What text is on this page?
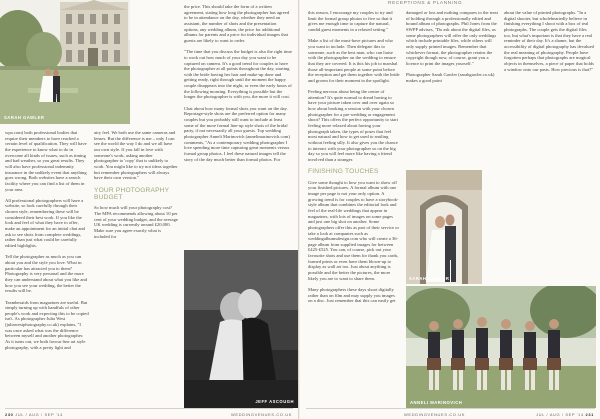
SARAH GAWLER

wpa.com) both professional bodies that require their members to have reached a certain level of qualification. They will have the experience to know what to do in overcome all kinds of issues, such as timing and bad weather, so you great results. They will also have professional indemnity insurance in the unlikely event that anything goes wrong. Both websites have a search facility where you can find a list of them in your area.

All professional photographers will have a website, so look carefully through their chosen style, remembering these will be considered their best work. If you like the look and feel of what they have to offer, make an appointment for an initial chat and ask to see shots from complete weddings, rather than just what could be carefully edited highlights.

Tell the photographer as much as you can about you and the style you love. What in particular has attracted you to them? Photography is very personal and the more they can understand about what you like and how you see your wedding, the better the results will be.

Teambesaids from magazines are useful. But simply turning up with handfuls of other people's work and expecting this to be copied isn't. As photographer Julia West (juliawestphotography.co.uk) explains, "I was once asked what was the difference between myself and another photographer. As it turns out, we both favour fine art style photography, with a pretty light and

airy feel. We both use the same cameras and lenses. But the difference is me – only I can see the world the way I do and we all have our own style. If you fall in love with someone's work, asking another photographer to 'copy' that is unlikely to work. You might like to try not ideas together but remember photographers will always have their own version."

YOUR PHOTOGRAPHY BUDGET

So how much will your photography cost? The MPA recommends allowing about 10 per cent of your wedding budget, and the average UK wedding is currently around £20,000. Make sure you agree exactly what is included for

the price. This should take the form of a written agreement, stating how long the photographer has agreed to be in attendance on the day, whether they need an assistant, the number of shots and the presentation options, any wedding album, the price for additional albums for parents and a price for individual images that guests are likely to want to order.

"The time that you discuss the budget is also the right time to work out how much of your day you want to be captured on camera. It's a good trend for couples to have the photographer at all points throughout the day, starting with the bride having her hair and make-up done and getting ready, right through until the moment the happy couple disappears into the night, or even the early hours of the following morning. Everything is possible but the longer the photographer is with you, the more it will cost.

Chat about how many formal shots you want on the day. Reportage-style shots are the preferred option for many couples but you probably still want to include at least some of the more formal line-up style shots of the bridal party, if not necessarily all your guests. Top wedding photographer Anneli Marinovich (annelimarinovich.com) comments, "As a contemporary wedding photographer I love spending more time capturing great moments versus formal group photos. I feel these natural images tell the story of the day much better than formal photos. For

JEFF ASCOUGH
230 JUL / AUG / SEP '14	WEDDINGVENUES.CO.UK
RECEPTIONS & PLANNING

this reason, I encourage my couples to try and limit the formal group photos to five so that it gives me enough time to capture the natural, candid guest moments in a relaxed setting."

Make a list of the must-have pictures and who you want to include. Then delegate this to someone, such as the best man, who can liaise with the photographer on the wedding to ensure that they are covered. It is this his job to marshal those all-important people at some point before the reception and get them together with the bride and groom for their moment in the spotlight.

Feeling nervous about being the centre of attention? It's quite normal to dread having to have your picture taken over and over again so how about booking a session with your chosen photographer for a pre-wedding or engagement shoot? This offers the perfect opportunity to start feeling more relaxed about having your photograph taken, the types of poses that feel most natural and how to get used to smiling without feeling silly. It also gives you the chance to interact with your photographer so on the big day so you will feel more like having a friend involved than a stranger.

FINISHING TOUCHES

Give some thought to how you want to show off your finished pictures. A formal album with one image per page is not your only option. A growing trend is for couples to have a storybook-style album that combines the editorial look and feel of the real-life weddings that appear in magazines, with lots of images on some pages and just one big shot on another. Some photographers offer this as part of their service or take a look at companies such as weddingalbumsdesign.com who will create a 36-page album from supplied images for between £425-£525. You can, of course, pick out your favourite shots and use them for thank you cards, framed prints or even have them blown-up to display as wall art too. Just about anything is possible and the better the pictures, the more likely you are to want to share them.

Many photographers these days shoot digitally rather than on film and may supply you images on a disc. Just remember that this can easily get

damaged or lost and nothing compares to the treat of holding through a professionally edited and bound album of photographs. Phil Jones from the SWPP advises, "Do ask about the digital files, as some photographers will offer the only weddings which include printable files, while others will only supply printed images. Remember that whichever format, the photographer retains the copyright though now, of course, grant you a licence to print the images yourself."

Photographer Sarah Gawler (sarahgawler.co.uk) makes a good point

about the value of printed photographs. "In a digital shooter, but wholeheartedly believe in finishing everything I shoot with a box of real photographs. The couple gets the digital files too, but what's important is that they have a real reminder of their day. It's a shame, but the accessibility of digital photography has devalued the real meaning of photography. People have forgotten perhaps that photographs are magical objects in themselves, a piece of paper that holds a window onto our pasts. How precious is that?"

SARAH GAWLER
ANNELI MARINOVICH
WEDDINGVENUES.CO.UK	JUL / AUG / SEP '14 231
